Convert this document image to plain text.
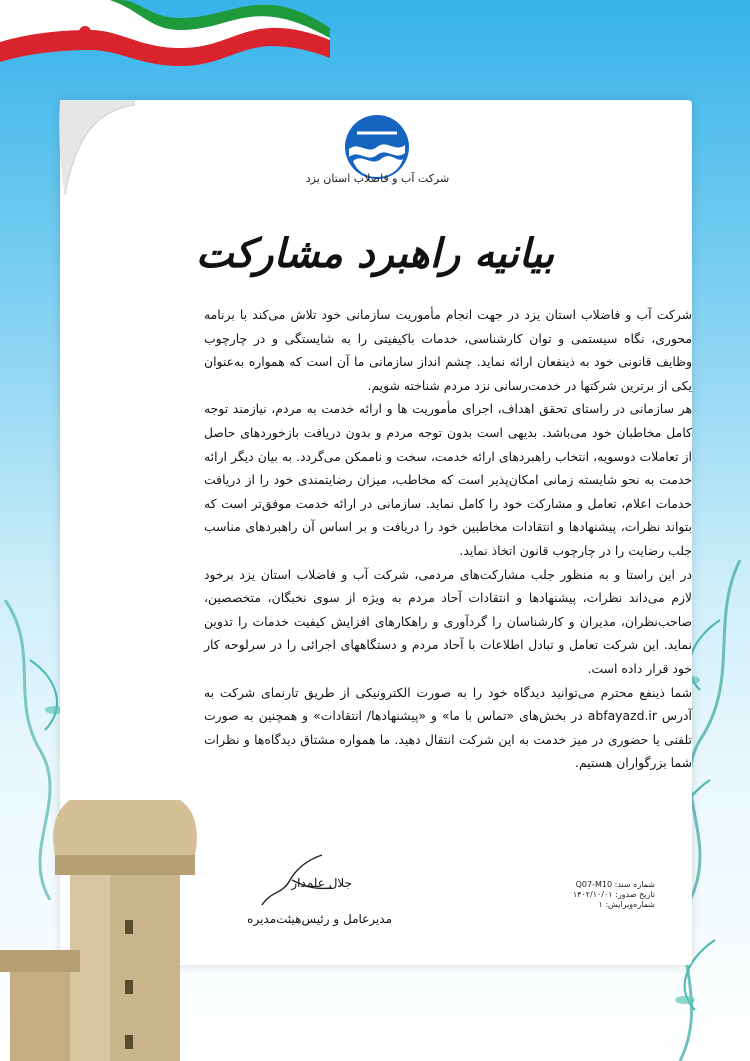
شرکت آب و فاضلاب استان یزد
بیانیه راهبرد مشارکت

شرکت آب و فاضلاب استان یزد در جهت انجام مأموریت سازمانی خود تلاش می‌کند با برنامه محوری، نگاه سیستمی و توان کارشناسی، خدمات باکیفیتی را به شایستگی و در چارچوب وظایف قانونی خود به ذینفعان ارائه نماید. چشم انداز سازمانی ما آن است که همواره به‌عنوان یکی از برترین شرکتها در خدمت‌رسانی نزد مردم شناخته شویم.

هر سازمانی در راستای تحقق اهداف، اجرای مأموریت ها و ارائه خدمت به مردم، نیازمند توجه کامل مخاطبان خود می‌باشد. بدیهی است بدون توجه مردم و بدون دریافت بازخوردهای حاصل از تعاملات دوسویه، انتخاب راهبردهای ارائه خدمت، سخت و ناممکن می‌گردد. به بیان دیگر ارائه خدمت به نحو شایسته زمانی امکان‌پذیر است که مخاطب، میزان رضایتمندی خود را از دریافت خدمات اعلام، تعامل و مشارکت خود را کامل نماید. سازمانی در ارائه خدمت موفق‌تر است که بتواند نظرات، پیشنهادها و انتقادات مخاطبین خود را دریافت و بر اساس آن راهبردهای مناسب جلب رضایت را در چارچوب قانون اتخاذ نماید.

در این راستا و به منظور جلب مشارکت‌های مردمی، شرکت آب و فاضلاب استان یزد برخود لازم می‌داند نظرات، پیشنهادها و انتقادات آحاد مردم به ویژه از سوی نخبگان، متخصصین، صاحب‌نظران، مدیران و کارشناسان را گردآوری و راهکارهای افزایش کیفیت خدمات را تدوین نماید. این شرکت تعامل و تبادل اطلاعات با آحاد مردم و دستگاههای اجرائی را در سرلوحه کار خود قرار داده است.

شما ذینفع محترم می‌توانید دیدگاه خود را به صورت الکترونیکی از طریق تارنمای شرکت به آدرس abfayazd.ir در بخش‌های «تماس با ما» و «پیشنهادها/ انتقادات» و همچنین به صورت تلفنی یا حضوری در میز خدمت به این شرکت انتقال دهید. ما همواره مشتاق دیدگاه‌ها و نظرات شما بزرگواران هستیم.

جلال علمدار
مدیرعامل و رئیس‌هیئت‌مدیره
شماره سند: Q07-M10
تاریخ صدور: ۱۴۰۲/۱۰/۰۱
شماره‌ویرایش: ۱
